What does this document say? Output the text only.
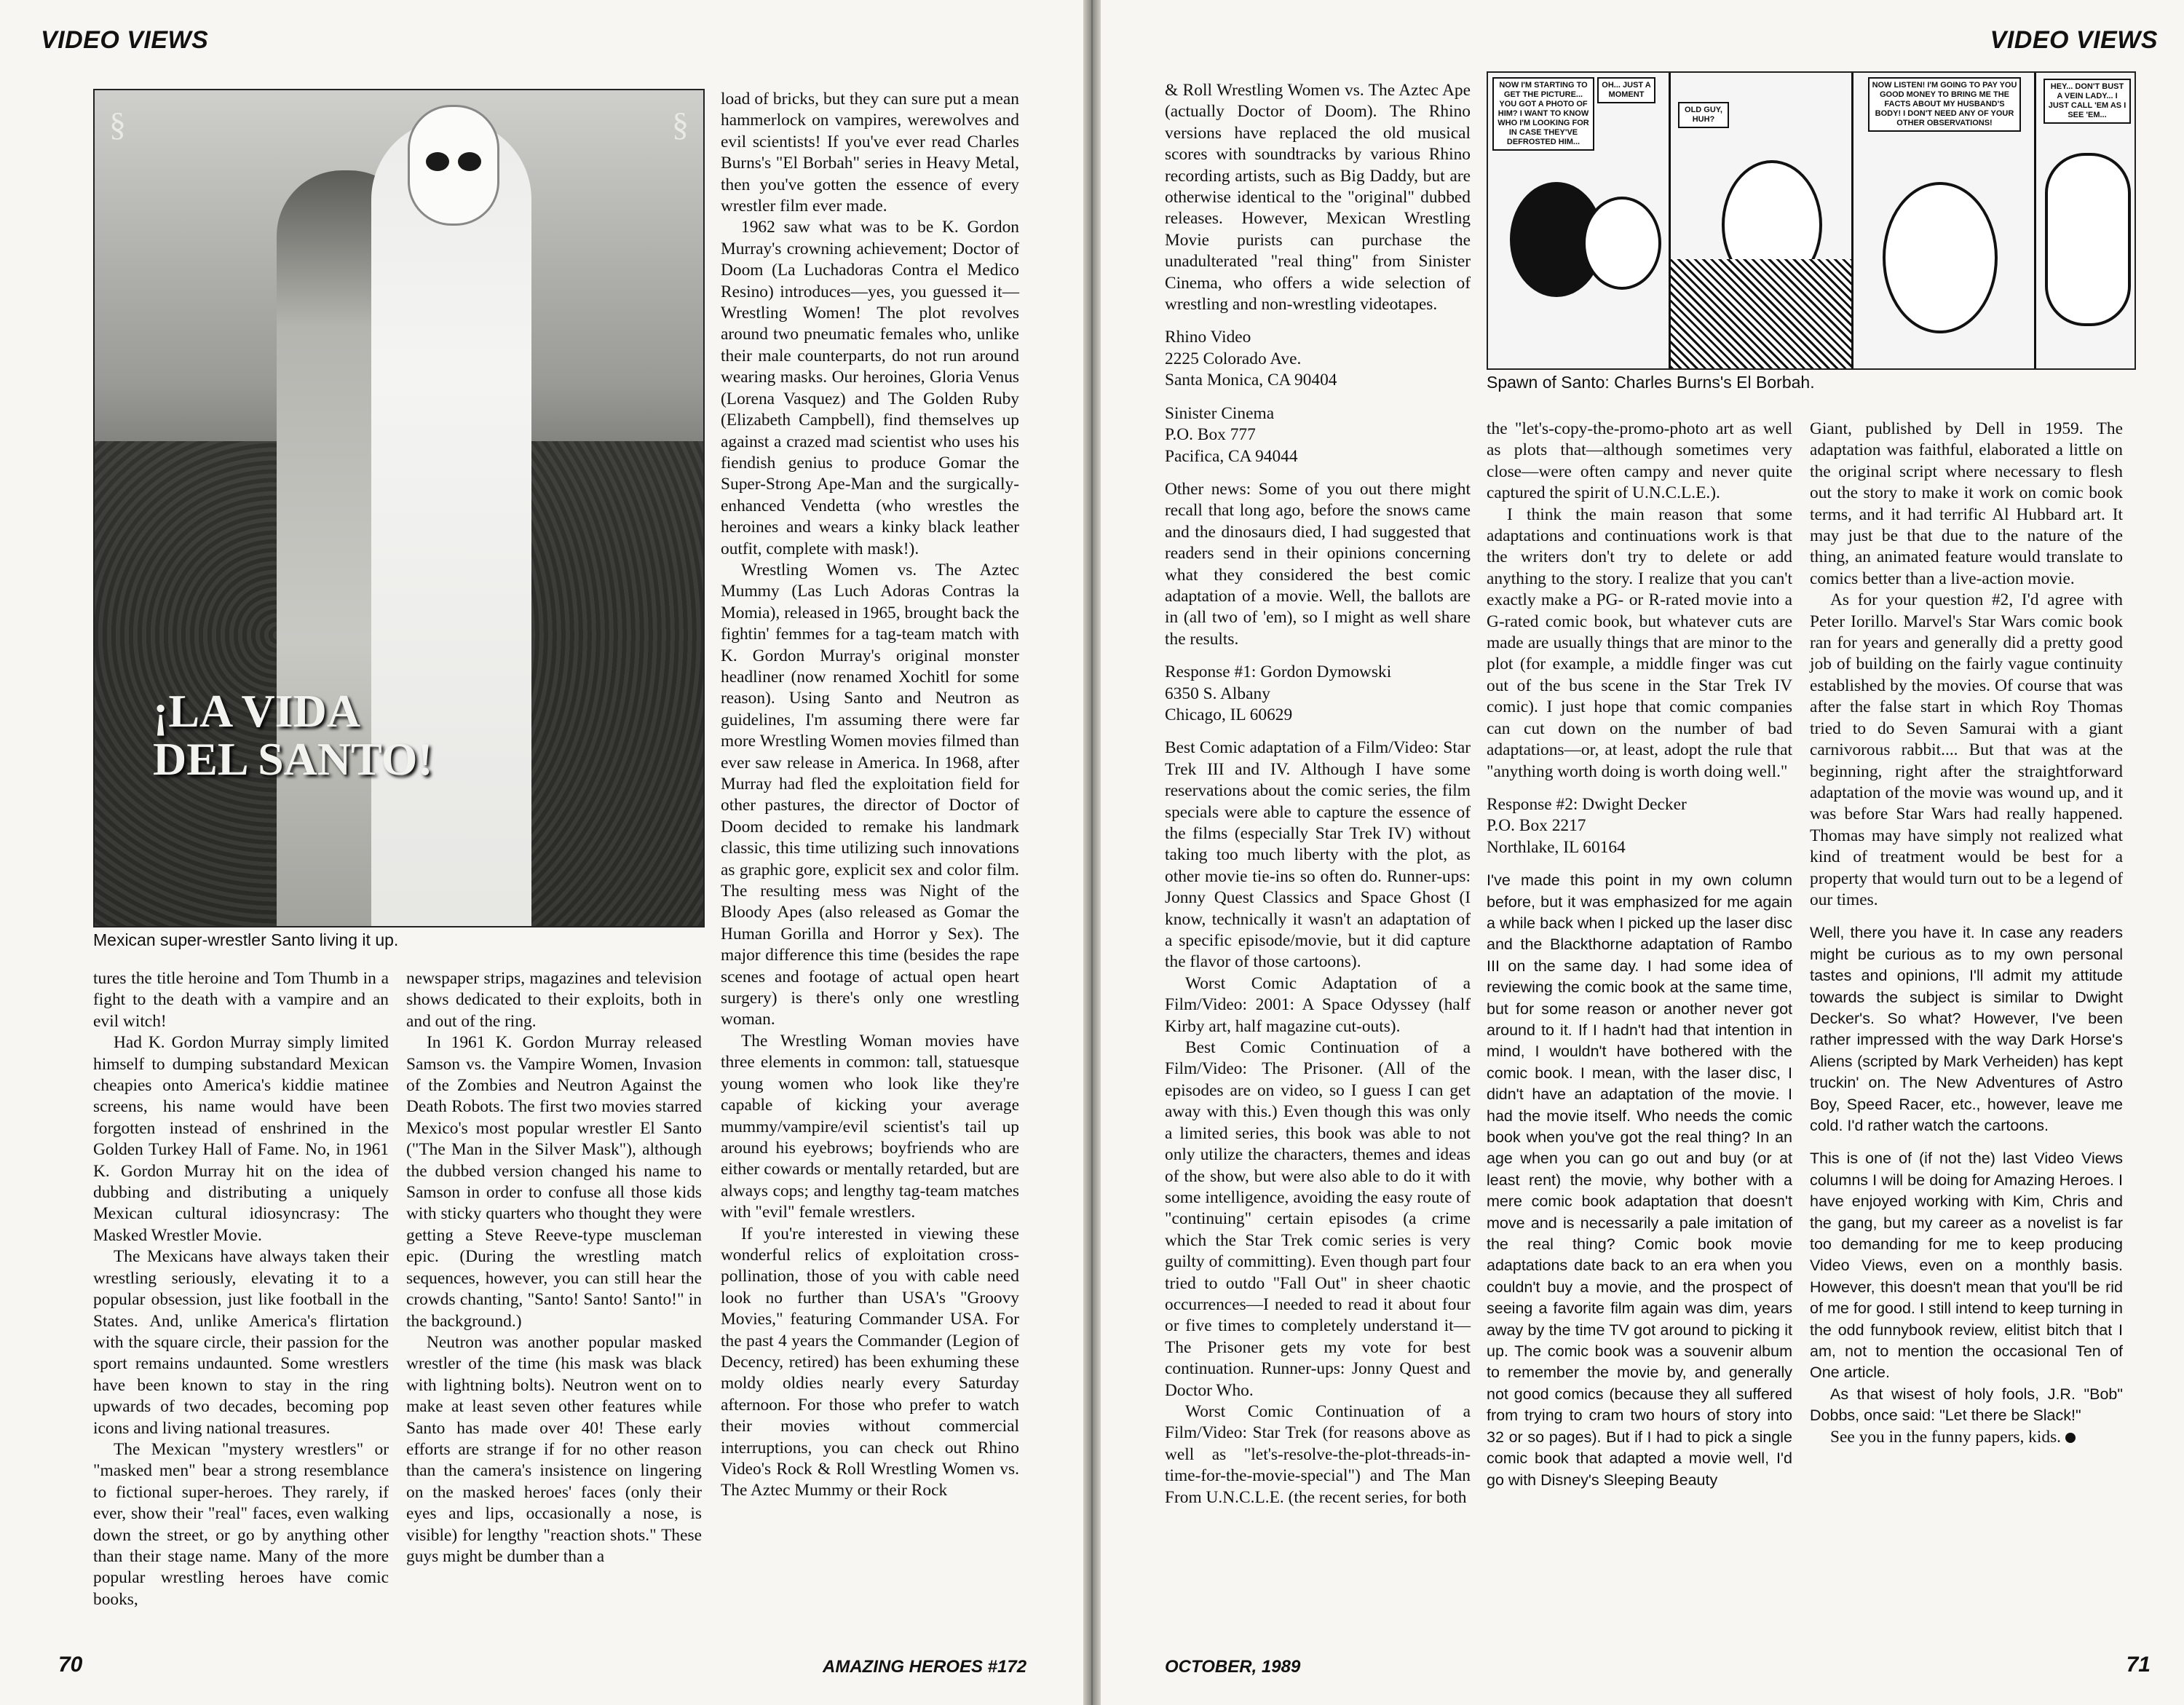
VIDEO VIEWS
§	§
¡LA VIDA DEL SANTO!
Mexican super-wrestler Santo living it up.

tures the title heroine and Tom Thumb in a fight to the death with a vampire and an evil witch!

Had K. Gordon Murray simply limited himself to dumping substandard Mexican cheapies onto America's kiddie matinee screens, his name would have been forgotten instead of enshrined in the Golden Turkey Hall of Fame. No, in 1961 K. Gordon Murray hit on the idea of dubbing and distributing a uniquely Mexican cultural idiosyncrasy: The Masked Wrestler Movie.

The Mexicans have always taken their wrestling seriously, elevating it to a popular obsession, just like football in the States. And, unlike America's flirtation with the square circle, their passion for the sport remains undaunted. Some wrestlers have been known to stay in the ring upwards of two decades, becoming pop icons and living national treasures.

The Mexican "mystery wrestlers" or "masked men" bear a strong resemblance to fictional super-heroes. They rarely, if ever, show their "real" faces, even walking down the street, or go by anything other than their stage name. Many of the more popular wrestling heroes have comic books,

newspaper strips, magazines and television shows dedicated to their exploits, both in and out of the ring.

In 1961 K. Gordon Murray released Samson vs. the Vampire Women, Invasion of the Zombies and Neutron Against the Death Robots. The first two movies starred Mexico's most popular wrestler El Santo ("The Man in the Silver Mask"), although the dubbed version changed his name to Samson in order to confuse all those kids with sticky quarters who thought they were getting a Steve Reeve-type muscleman epic. (During the wrestling match sequences, however, you can still hear the crowds chanting, "Santo! Santo! Santo!" in the background.)

Neutron was another popular masked wrestler of the time (his mask was black with lightning bolts). Neutron went on to make at least seven other features while Santo has made over 40! These early efforts are strange if for no other reason than the camera's insistence on lingering on the masked heroes' faces (only their eyes and lips, occasionally a nose, is visible) for lengthy "reaction shots." These guys might be dumber than a

load of bricks, but they can sure put a mean hammerlock on vampires, werewolves and evil scientists! If you've ever read Charles Burns's "El Borbah" series in Heavy Metal, then you've gotten the essence of every wrestler film ever made.

1962 saw what was to be K. Gordon Murray's crowning achievement; Doctor of Doom (La Luchadoras Contra el Medico Resino) introduces—yes, you guessed it—Wrestling Women! The plot revolves around two pneumatic females who, unlike their male counterparts, do not run around wearing masks. Our heroines, Gloria Venus (Lorena Vasquez) and The Golden Ruby (Elizabeth Campbell), find themselves up against a crazed mad scientist who uses his fiendish genius to produce Gomar the Super-Strong Ape-Man and the surgically-enhanced Vendetta (who wrestles the heroines and wears a kinky black leather outfit, complete with mask!).

Wrestling Women vs. The Aztec Mummy (Las Luch Adoras Contras la Momia), released in 1965, brought back the fightin' femmes for a tag-team match with K. Gordon Murray's original monster headliner (now renamed Xochitl for some reason). Using Santo and Neutron as guidelines, I'm assuming there were far more Wrestling Women movies filmed than ever saw release in America. In 1968, after Murray had fled the exploitation field for other pastures, the director of Doctor of Doom decided to remake his landmark classic, this time utilizing such innovations as graphic gore, explicit sex and color film. The resulting mess was Night of the Bloody Apes (also released as Gomar the Human Gorilla and Horror y Sex). The major difference this time (besides the rape scenes and footage of actual open heart surgery) is there's only one wrestling woman.

The Wrestling Woman movies have three elements in common: tall, statuesque young women who look like they're capable of kicking your average mummy/vampire/evil scientist's tail up around his eyebrows; boyfriends who are either cowards or mentally retarded, but are always cops; and lengthy tag-team matches with "evil" female wrestlers.

If you're interested in viewing these wonderful relics of exploitation cross-pollination, those of you with cable need look no further than USA's "Groovy Movies," featuring Commander USA. For the past 4 years the Commander (Legion of Decency, retired) has been exhuming these moldy oldies nearly every Saturday afternoon. For those who prefer to watch their movies without commercial interruptions, you can check out Rhino Video's Rock & Roll Wrestling Women vs. The Aztec Mummy or their Rock

70	AMAZING HEROES #172
VIDEO VIEWS

& Roll Wrestling Women vs. The Aztec Ape (actually Doctor of Doom). The Rhino versions have replaced the old musical scores with soundtracks by various Rhino recording artists, such as Big Daddy, but are otherwise identical to the "original" dubbed releases. However, Mexican Wrestling Movie purists can purchase the unadulterated "real thing" from Sinister Cinema, who offers a wide selection of wrestling and non-wrestling videotapes.

Rhino Video

2225 Colorado Ave.

Santa Monica, CA 90404

Sinister Cinema

P.O. Box 777

Pacifica, CA 94044

Other news: Some of you out there might recall that long ago, before the snows came and the dinosaurs died, I had suggested that readers send in their opinions concerning what they considered the best comic adaptation of a movie. Well, the ballots are in (all two of 'em), so I might as well share the results.

Response #1: Gordon Dymowski

6350 S. Albany

Chicago, IL 60629

Best Comic adaptation of a Film/Video: Star Trek III and IV. Although I have some reservations about the comic series, the film specials were able to capture the essence of the films (especially Star Trek IV) without taking too much liberty with the plot, as other movie tie-ins so often do. Runner-ups: Jonny Quest Classics and Space Ghost (I know, technically it wasn't an adaptation of a specific episode/movie, but it did capture the flavor of those cartoons).

Worst Comic Adaptation of a Film/Video: 2001: A Space Odyssey (half Kirby art, half magazine cut-outs).

Best Comic Continuation of a Film/Video: The Prisoner. (All of the episodes are on video, so I guess I can get away with this.) Even though this was only a limited series, this book was able to not only utilize the characters, themes and ideas of the show, but were also able to do it with some intelligence, avoiding the easy route of "continuing" certain episodes (a crime which the Star Trek comic series is very guilty of committing). Even though part four tried to outdo "Fall Out" in sheer chaotic occurrences—I needed to read it about four or five times to completely understand it—The Prisoner gets my vote for best continuation. Runner-ups: Jonny Quest and Doctor Who.

Worst Comic Continuation of a Film/Video: Star Trek (for reasons above as well as "let's-resolve-the-plot-threads-in-time-for-the-movie-special") and The Man From U.N.C.L.E. (the recent series, for both

NOW I'M STARTING TO GET THE PICTURE... YOU GOT A PHOTO OF HIM? I WANT TO KNOW WHO I'M LOOKING FOR IN CASE THEY'VE DEFROSTED HIM...
OH... JUST A MOMENT
OLD GUY, HUH?
NOW LISTEN! I'M GOING TO PAY YOU GOOD MONEY TO BRING ME THE FACTS ABOUT MY HUSBAND'S BODY! I DON'T NEED ANY OF YOUR OTHER OBSERVATIONS!
HEY... DON'T BUST A VEIN LADY... I JUST CALL 'EM AS I SEE 'EM...
Spawn of Santo: Charles Burns's El Borbah.

the "let's-copy-the-promo-photo art as well as plots that—although sometimes very close—were often campy and never quite captured the spirit of U.N.C.L.E.).

I think the main reason that some adaptations and continuations work is that the writers don't try to delete or add anything to the story. I realize that you can't exactly make a PG- or R-rated movie into a G-rated comic book, but whatever cuts are made are usually things that are minor to the plot (for example, a middle finger was cut out of the bus scene in the Star Trek IV comic). I just hope that comic companies can cut down on the number of bad adaptations—or, at least, adopt the rule that "anything worth doing is worth doing well."

Response #2: Dwight Decker

P.O. Box 2217

Northlake, IL 60164

I've made this point in my own column before, but it was emphasized for me again a while back when I picked up the laser disc and the Blackthorne adaptation of Rambo III on the same day. I had some idea of reviewing the comic book at the same time, but for some reason or another never got around to it. If I hadn't had that intention in mind, I wouldn't have bothered with the comic book. I mean, with the laser disc, I didn't have an adaptation of the movie. I had the movie itself. Who needs the comic book when you've got the real thing? In an age when you can go out and buy (or at least rent) the movie, why bother with a mere comic book adaptation that doesn't move and is necessarily a pale imitation of the real thing? Comic book movie adaptations date back to an era when you couldn't buy a movie, and the prospect of seeing a favorite film again was dim, years away by the time TV got around to picking it up. The comic book was a souvenir album to remember the movie by, and generally not good comics (because they all suffered from trying to cram two hours of story into 32 or so pages). But if I had to pick a single comic book that adapted a movie well, I'd go with Disney's Sleeping Beauty

Giant, published by Dell in 1959. The adaptation was faithful, elaborated a little on the original script where necessary to flesh out the story to make it work on comic book terms, and it had terrific Al Hubbard art. It may just be that due to the nature of the thing, an animated feature would translate to comics better than a live-action movie.

As for your question #2, I'd agree with Peter Iorillo. Marvel's Star Wars comic book ran for years and generally did a pretty good job of building on the fairly vague continuity established by the movies. Of course that was after the false start in which Roy Thomas tried to do Seven Samurai with a giant carnivorous rabbit.... But that was at the beginning, right after the straightforward adaptation of the movie was wound up, and it was before Star Wars had really happened. Thomas may have simply not realized what kind of treatment would be best for a property that would turn out to be a legend of our times.

Well, there you have it. In case any readers might be curious as to my own personal tastes and opinions, I'll admit my attitude towards the subject is similar to Dwight Decker's. So what? However, I've been rather impressed with the way Dark Horse's Aliens (scripted by Mark Verheiden) has kept truckin' on. The New Adventures of Astro Boy, Speed Racer, etc., however, leave me cold. I'd rather watch the cartoons.

This is one of (if not the) last Video Views columns I will be doing for Amazing Heroes. I have enjoyed working with Kim, Chris and the gang, but my career as a novelist is far too demanding for me to keep producing Video Views, even on a monthly basis. However, this doesn't mean that you'll be rid of me for good. I still intend to keep turning in the odd funnybook review, elitist bitch that I am, not to mention the occasional Ten of One article.

As that wisest of holy fools, J.R. "Bob" Dobbs, once said: "Let there be Slack!"

See you in the funny papers, kids.

OCTOBER, 1989	71
